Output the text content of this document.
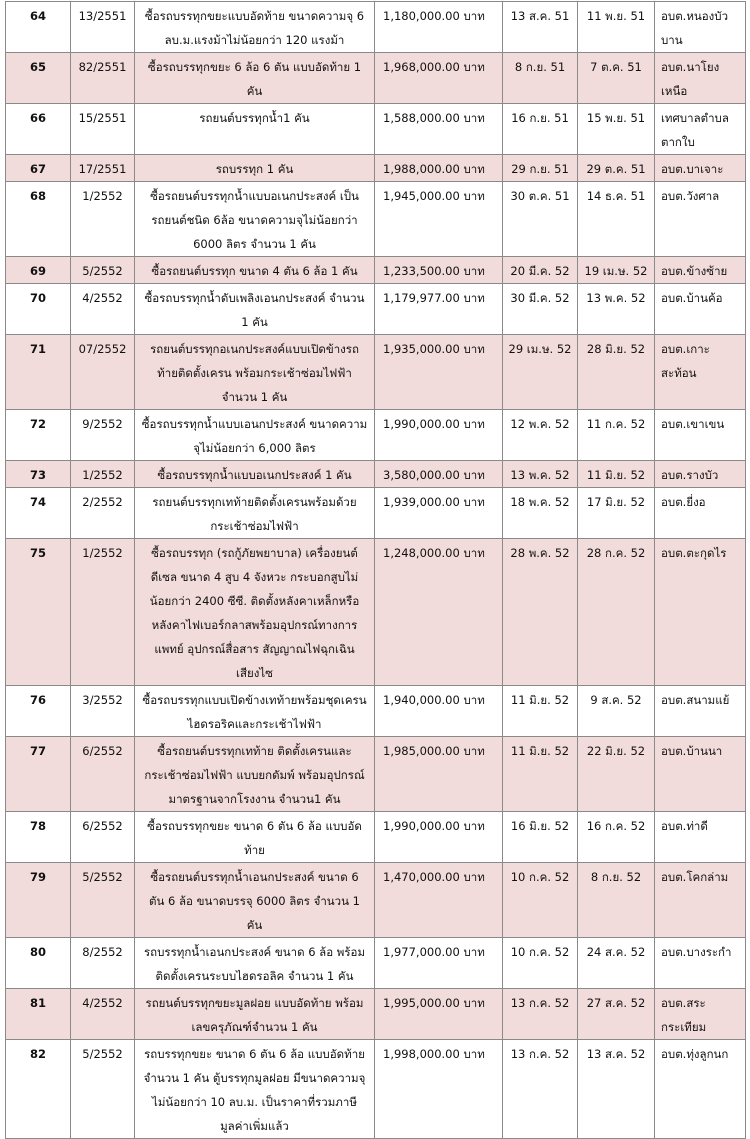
64	13/2551	ซื้อรถบรรทุกขยะแบบอัดท้าย ขนาดความจุ 6 ลบ.ม.แรงม้าไม่น้อยกว่า 120 แรงม้า	1,180,000.00 บาท	13 ส.ค. 51	11 พ.ย. 51	อบต.หนองบัวบาน
65	82/2551	ซื้อรถบรรทุกขยะ 6 ล้อ 6 ตัน แบบอัดท้าย 1 คัน	1,968,000.00 บาท	8 ก.ย. 51	7 ต.ค. 51	อบต.นาโยงเหนือ
66	15/2551	รถยนต์บรรทุกน้ำ1 คัน	1,588,000.00 บาท	16 ก.ย. 51	15 พ.ย. 51	เทศบาลตำบลตากใบ
67	17/2551	รถบรรทุก 1 คัน	1,988,000.00 บาท	29 ก.ย. 51	29 ต.ค. 51	อบต.บาเจาะ
68	1/2552	ซื้อรถยนต์บรรทุกน้ำแบบอเนกประสงค์ เป็นรถยนต์ชนิด 6ล้อ ขนาดความจุไม่น้อยกว่า 6000 ลิตร จำนวน 1 คัน	1,945,000.00 บาท	30 ต.ค. 51	14 ธ.ค. 51	อบต.วังศาล
69	5/2552	ซื้อรถยนต์บรรทุก ขนาด 4 ตัน 6 ล้อ 1 คัน	1,233,500.00 บาท	20 มี.ค. 52	19 เม.ษ. 52	อบต.ข้างซ้าย
70	4/2552	ซื้อรถบรรทุกน้ำดับเพลิงเอนกประสงค์ จำนวน 1 คัน	1,179,977.00 บาท	30 มี.ค. 52	13 พ.ค. 52	อบต.บ้านค้อ
71	07/2552	รถยนต์บรรทุกอเนกประสงค์แบบเปิดข้างรถ ท้ายติดตั้งเครน พร้อมกระเช้าซ่อมไฟฟ้า จำนวน 1 คัน	1,935,000.00 บาท	29 เม.ษ. 52	28 มิ.ย. 52	อบต.เกาะสะท้อน
72	9/2552	ซื้อรถบรรทุกน้ำแบบเอนกประสงค์ ขนาดความจุไม่น้อยกว่า 6,000 ลิตร	1,990,000.00 บาท	12 พ.ค. 52	11 ก.ค. 52	อบต.เขาเขน
73	1/2552	ซื้อรถบรรทุกน้ำแบบอเนกประสงค์ 1 คัน	3,580,000.00 บาท	13 พ.ค. 52	11 มิ.ย. 52	อบต.รางบัว
74	2/2552	รถยนต์บรรทุกเทท้ายติดตั้งเครนพร้อมด้วยกระเช้าซ่อมไฟฟ้า	1,939,000.00 บาท	18 พ.ค. 52	17 มิ.ย. 52	อบต.ยี่งอ
75	1/2552	ซื้อรถบรรทุก (รถกู้ภัยพยาบาล) เครื่องยนต์ดีเซล ขนาด 4 สูบ 4 จังหวะ กระบอกสูบไม่น้อยกว่า 2400 ซีซี. ติดตั้งหลังคาเหล็กหรือหลังคาไฟเบอร์กลาสพร้อมอุปกรณ์ทางการแพทย์ อุปกรณ์สื่อสาร สัญญาณไฟฉุกเฉิน เสียงไซ	1,248,000.00 บาท	28 พ.ค. 52	28 ก.ค. 52	อบต.ตะกุดไร
76	3/2552	ซื้อรถบรรทุกแบบเปิดข้างเทท้ายพร้อมชุดเครนไฮดรอริคและกระเช้าไฟฟ้า	1,940,000.00 บาท	11 มิ.ย. 52	9 ส.ค. 52	อบต.สนามแย้
77	6/2552	ซื้อรถยนต์บรรทุกเทท้าย ติดตั้งเครนและกระเช้าซ่อมไฟฟ้า แบบยกดัมพ์ พร้อมอุปกรณ์มาตรฐานจากโรงงาน จำนวน1 คัน	1,985,000.00 บาท	11 มิ.ย. 52	22 มิ.ย. 52	อบต.บ้านนา
78	6/2552	ซื้อรถบรรทุกขยะ ขนาด 6 ตัน 6 ล้อ แบบอัดท้าย	1,990,000.00 บาท	16 มิ.ย. 52	16 ก.ค. 52	อบต.ท่าดี
79	5/2552	ซื้อรถยนต์บรรทุกน้ำเอนกประสงค์ ขนาด 6 ตัน 6 ล้อ ขนาดบรรจุ 6000 ลิตร จำนวน 1 คัน	1,470,000.00 บาท	10 ก.ค. 52	8 ก.ย. 52	อบต.โคกล่าม
80	8/2552	รถบรรทุกน้ำเอนกประสงค์ ขนาด 6 ล้อ พร้อมติดตั้งเครนระบบไฮดรอลิค จำนวน 1 คัน	1,977,000.00 บาท	10 ก.ค. 52	24 ส.ค. 52	อบต.บางระกำ
81	4/2552	รถยนต์บรรทุกขยะมูลฝอย แบบอัดท้าย พร้อมเลขครุภัณฑ์จำนวน 1 คัน	1,995,000.00 บาท	13 ก.ค. 52	27 ส.ค. 52	อบต.สระกระเทียม
82	5/2552	รถบรรทุกขยะ ขนาด 6 ตัน 6 ล้อ แบบอัดท้าย จำนวน 1 คัน ตู้บรรทุกมูลฝอย มีขนาดความจุไม่น้อยกว่า 10 ลบ.ม. เป็นราคาที่รวมภาษีมูลค่าเพิ่มแล้ว	1,998,000.00 บาท	13 ก.ค. 52	13 ส.ค. 52	อบต.ทุ่งลูกนก
